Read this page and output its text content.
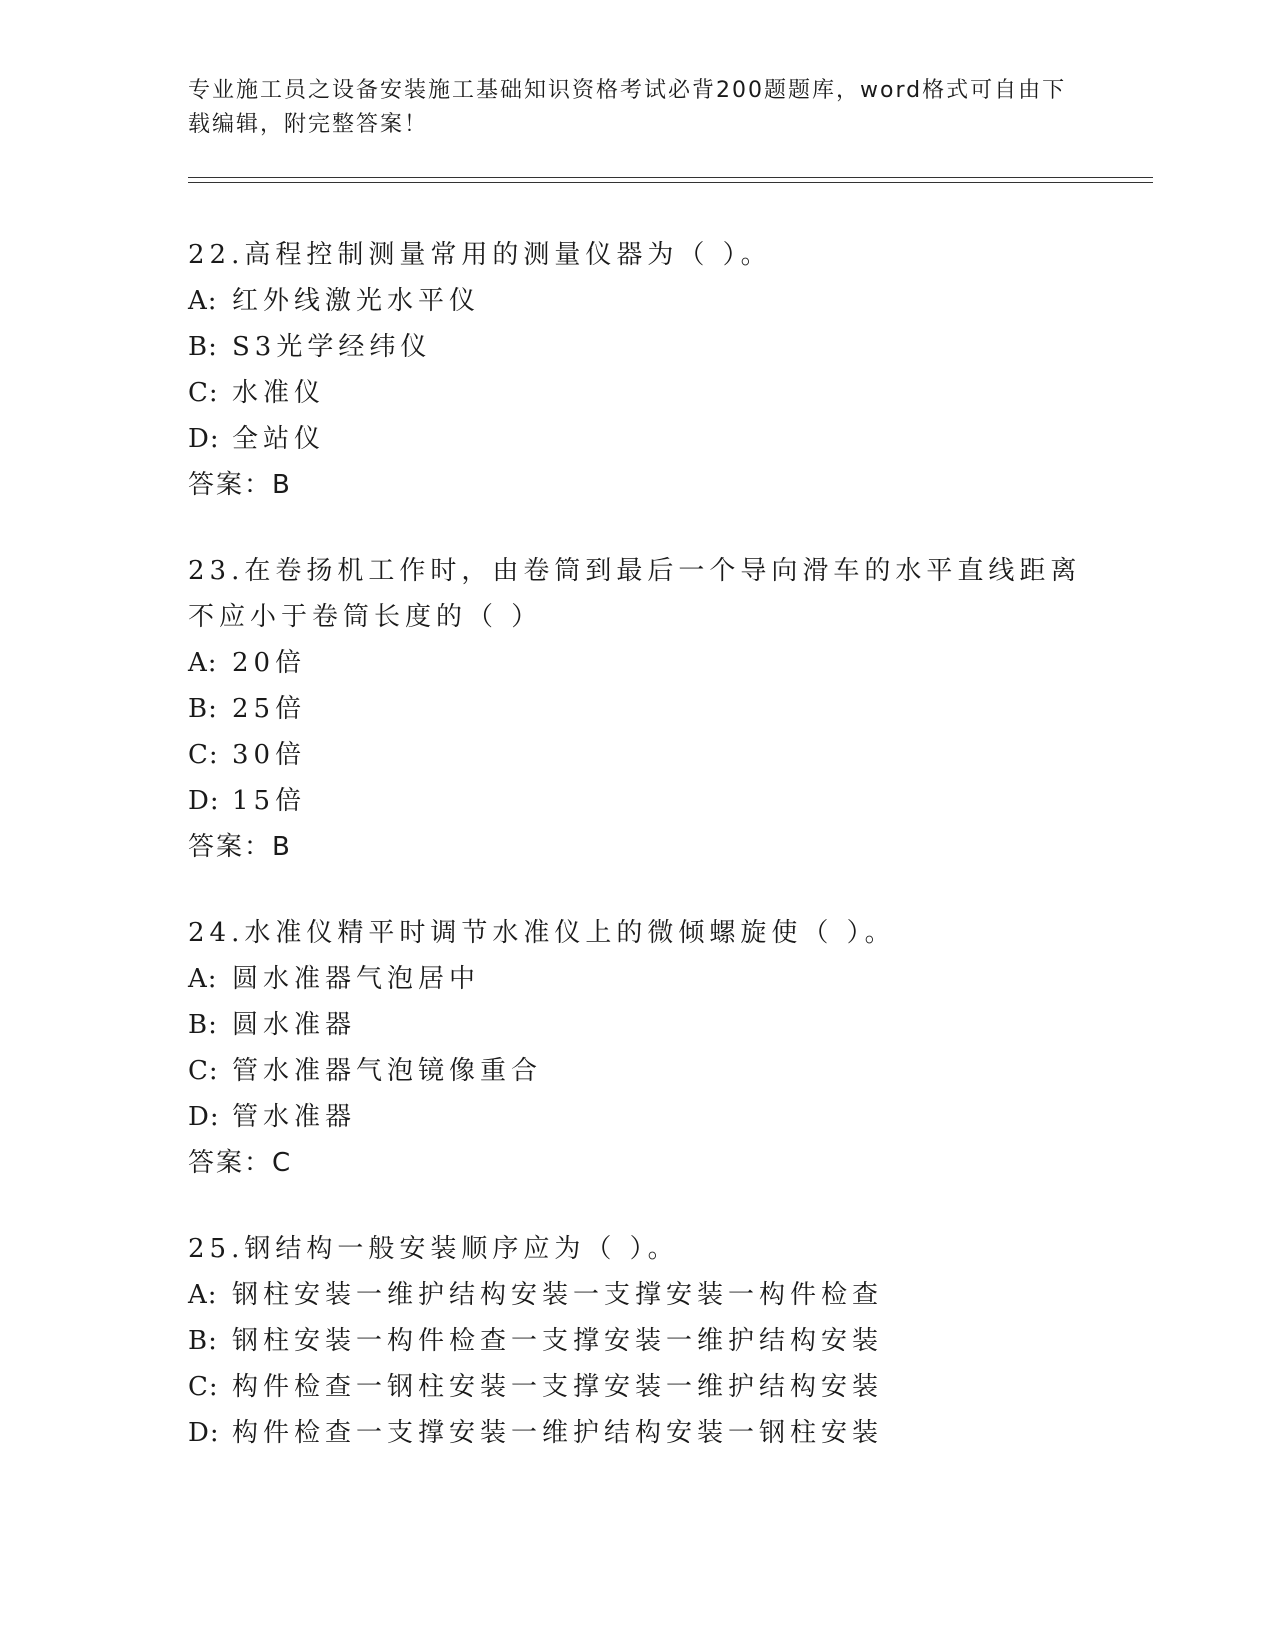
专业施工员之设备安装施工基础知识资格考试必背200题题库，word格式可自由下载编辑，附完整答案！
22.高程控制测量常用的测量仪器为（ ）。
A: 红外线激光水平仪
B: S3光学经纬仪
C: 水准仪
D: 全站仪
答案：B
23.在卷扬机工作时，由卷筒到最后一个导向滑车的水平直线距离不应小于卷筒长度的（ ）
A: 20倍
B: 25倍
C: 30倍
D: 15倍
答案：B
24.水准仪精平时调节水准仪上的微倾螺旋使（ ）。
A: 圆水准器气泡居中
B: 圆水准器
C: 管水准器气泡镜像重合
D: 管水准器
答案：C
25.钢结构一般安装顺序应为（ ）。
A: 钢柱安装一维护结构安装一支撑安装一构件检查
B: 钢柱安装一构件检查一支撑安装一维护结构安装
C: 构件检查一钢柱安装一支撑安装一维护结构安装
D: 构件检查一支撑安装一维护结构安装一钢柱安装
